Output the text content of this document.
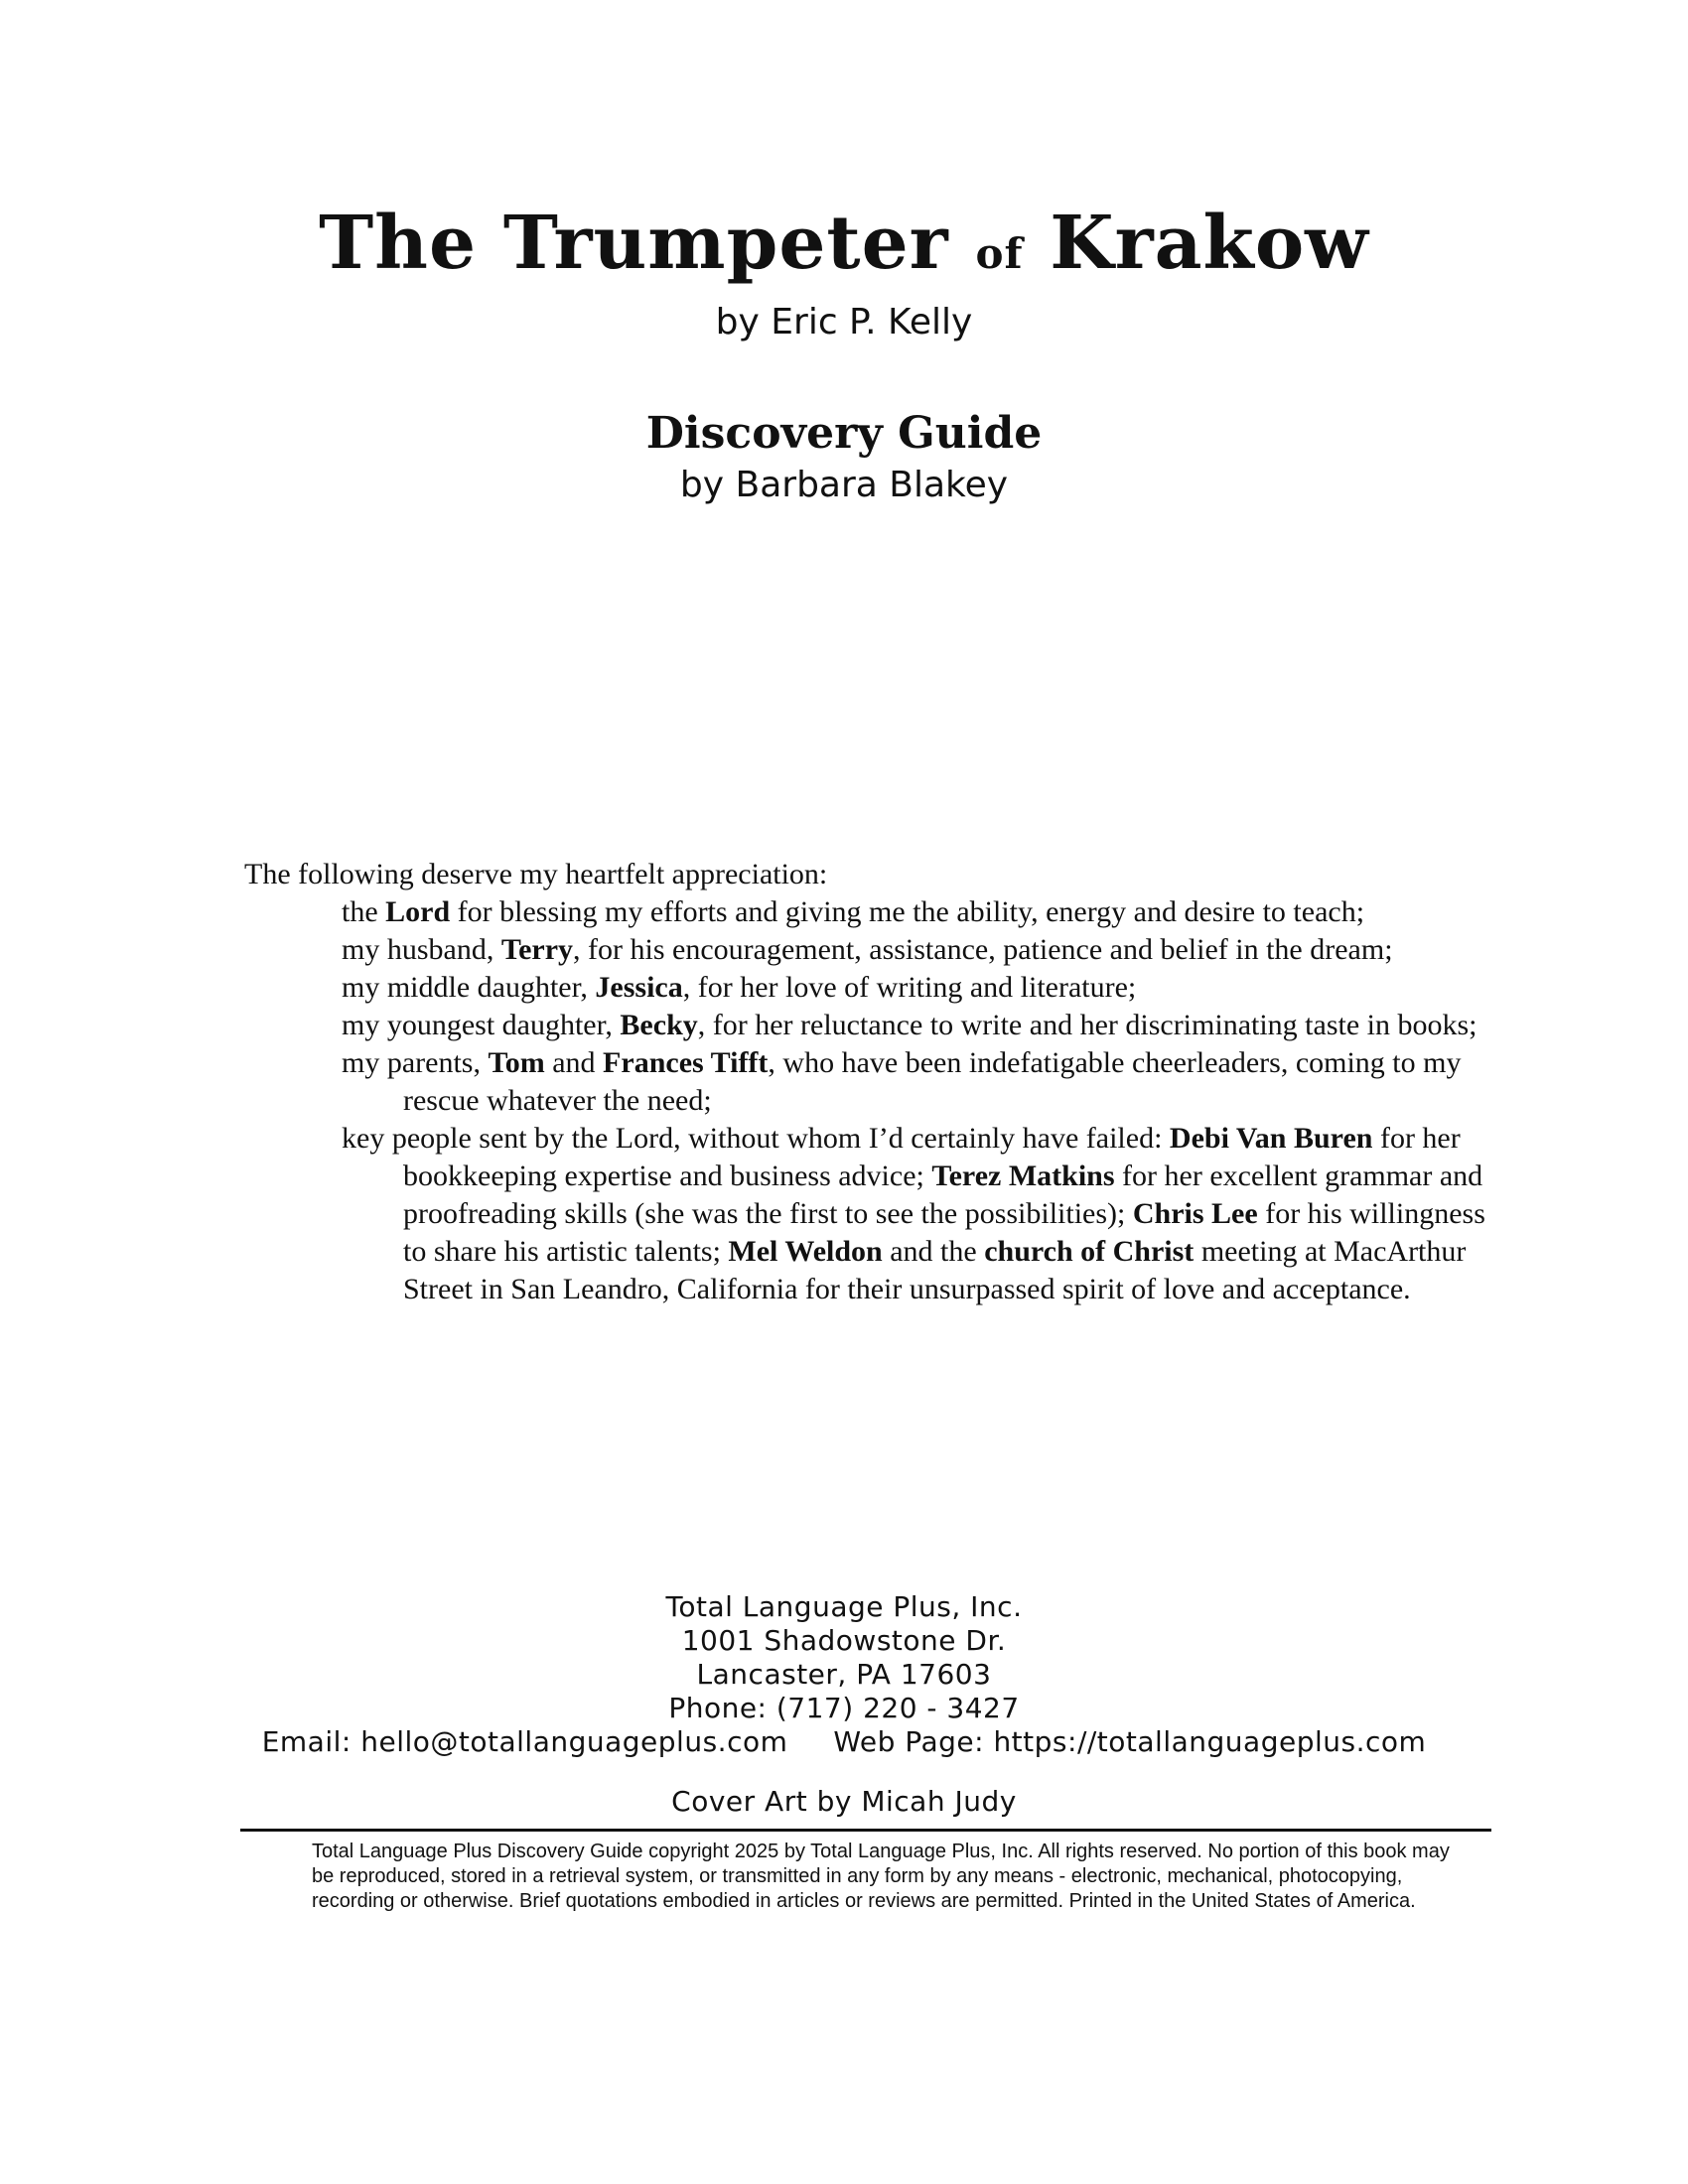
The Trumpeter of Krakow

by Eric P. Kelly

Discovery Guide

by Barbara Blakey

The following deserve my heartfelt appreciation:

the Lord for blessing my efforts and giving me the ability, energy and desire to teach;
my husband, Terry, for his encouragement, assistance, patience and belief in the dream;
my middle daughter, Jessica, for her love of writing and literature;
my youngest daughter, Becky, for her reluctance to write and her discriminating taste in books;
my parents, Tom and Frances Tifft, who have been indefatigable cheerleaders, coming to my rescue whatever the need;
key people sent by the Lord, without whom I’d certainly have failed: Debi Van Buren for her bookkeeping expertise and business advice; Terez Matkins for her excellent grammar and proofreading skills (she was the first to see the possibilities); Chris Lee for his willingness to share his artistic talents; Mel Weldon and the church of Christ meeting at MacArthur Street in San Leandro, California for their unsurpassed spirit of love and acceptance.

Total Language Plus, Inc.

1001 Shadowstone Dr.

Lancaster, PA 17603

Phone: (717) 220 - 3427

Email: hello@totallanguageplus.com Web Page: https://totallanguageplus.com

Cover Art by Micah Judy

Total Language Plus Discovery Guide copyright 2025 by Total Language Plus, Inc. All rights reserved. No portion of this book may be reproduced, stored in a retrieval system, or transmitted in any form by any means - electronic, mechanical, photocopying, recording or otherwise. Brief quotations embodied in articles or reviews are permitted. Printed in the United States of America.
